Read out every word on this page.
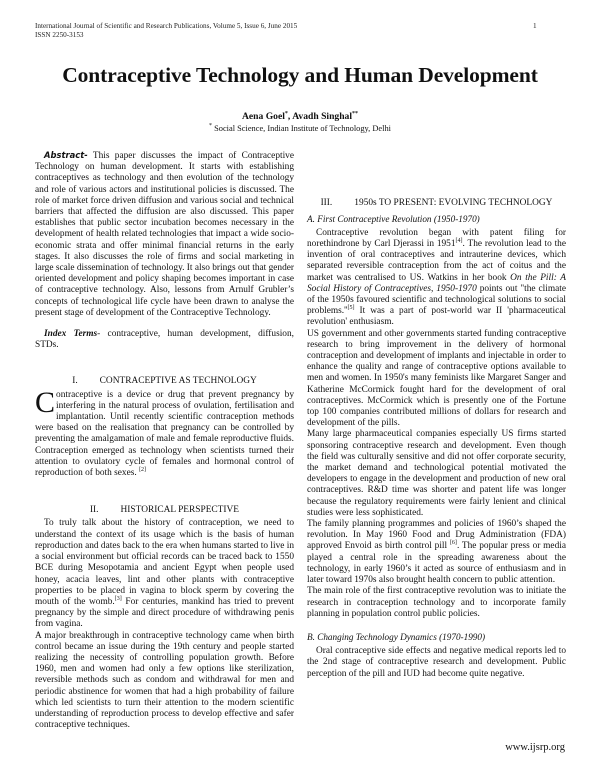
International Journal of Scientific and Research Publications, Volume 5, Issue 6, June 2015
ISSN 2250-3153
1
Contraceptive Technology and Human Development
Aena Goel*, Avadh Singhal**
* Social Science, Indian Institute of Technology, Delhi

Abstract- This paper discusses the impact of Contraceptive Technology on human development. It starts with establishing contraceptives as technology and then evolution of the technology and role of various actors and institutional policies is discussed. The role of market force driven diffusion and various social and technical barriers that affected the diffusion are also discussed. This paper establishes that public sector incubation becomes necessary in the development of health related technologies that impact a wide socio-economic strata and offer minimal financial returns in the early stages. It also discusses the role of firms and social marketing in large scale dissemination of technology. It also brings out that gender oriented development and policy shaping becomes important in case of contraceptive technology. Also, lessons from Arnulf Grubler’s concepts of technological life cycle have been drawn to analyse the present stage of development of the Contraceptive Technology.

Index Terms- contraceptive, human development, diffusion, STDs.

I. CONTRACEPTIVE AS TECHNOLOGY

Contraceptive is a device or drug that prevent pregnancy by interfering in the natural process of ovulation, fertilisation and implantation. Until recently scientific contraception methods were based on the realisation that pregnancy can be controlled by preventing the amalgamation of male and female reproductive fluids. Contraception emerged as technology when scientists turned their attention to ovulatory cycle of females and hormonal control of reproduction of both sexes. [2]

II. HISTORICAL PERSPECTIVE

To truly talk about the history of contraception, we need to understand the context of its usage which is the basis of human reproduction and dates back to the era when humans started to live in a social environment but official records can be traced back to 1550 BCE during Mesopotamia and ancient Egypt when people used honey, acacia leaves, lint and other plants with contraceptive properties to be placed in vagina to block sperm by covering the mouth of the womb.[3] For centuries, mankind has tried to prevent pregnancy by the simple and direct procedure of withdrawing penis from vagina.

A major breakthrough in contraceptive technology came when birth control became an issue during the 19th century and people started realizing the necessity of controlling population growth. Before 1960, men and women had only a few options like sterilization, reversible methods such as condom and withdrawal for men and periodic abstinence for women that had a high probability of failure which led scientists to turn their attention to the modern scientific understanding of reproduction process to develop effective and safer contraceptive techniques.

III. 1950s TO PRESENT: EVOLVING TECHNOLOGY

A. First Contraceptive Revolution (1950-1970)

Contraceptive revolution began with patent filing for norethindrone by Carl Djerassi in 1951[4]. The revolution lead to the invention of oral contraceptives and intrauterine devices, which separated reversible contraception from the act of coitus and the market was centralised to US. Watkins in her book On the Pill: A Social History of Contraceptives, 1950-1970 points out "the climate of the 1950s favoured scientific and technological solutions to social problems.''[5] It was a part of post-world war II 'pharmaceutical revolution' enthusiasm.

US government and other governments started funding contraceptive research to bring improvement in the delivery of hormonal contraception and development of implants and injectable in order to enhance the quality and range of contraceptive options available to men and women. In 1950's many feminists like Margaret Sanger and Katherine McCormick fought hard for the development of oral contraceptives. McCormick which is presently one of the Fortune top 100 companies contributed millions of dollars for research and development of the pills.

Many large pharmaceutical companies especially US firms started sponsoring contraceptive research and development. Even though the field was culturally sensitive and did not offer corporate security, the market demand and technological potential motivated the developers to engage in the development and production of new oral contraceptives. R&D time was shorter and patent life was longer because the regulatory requirements were fairly lenient and clinical studies were less sophisticated.

The family planning programmes and policies of 1960’s shaped the revolution. In May 1960 Food and Drug Administration (FDA) approved Envoid as birth control pill [6]. The popular press or media played a central role in the spreading awareness about the technology, in early 1960’s it acted as source of enthusiasm and in later toward 1970s also brought health concern to public attention.

The main role of the first contraceptive revolution was to initiate the research in contraception technology and to incorporate family planning in population control public policies.

B. Changing Technology Dynamics (1970-1990)

Oral contraceptive side effects and negative medical reports led to the 2nd stage of contraceptive research and development. Public perception of the pill and IUD had become quite negative.

www.ijsrp.org
